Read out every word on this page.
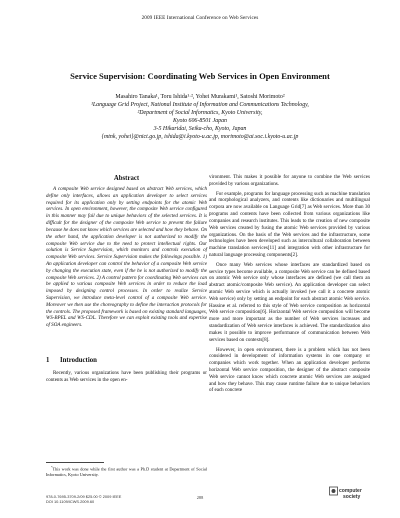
2009 IEEE International Conference on Web Services
Service Supervision: Coordinating Web Services in Open Environment
Masahiro Tanaka¹, Toru Ishida¹·², Yohei Murakami¹, Satoshi Morimoto²
¹Language Grid Project, National Institute of Information and Communications Technology,
²Department of Social Informatics, Kyoto University,
Kyoto 606-8501 Japan
3-5 Hikaridai, Seika-cho, Kyoto, Japan
{mtnk, yohei}@nict.go.jp, ishida@i.kyoto-u.ac.jp, morimoto@ai.soc.i.kyoto-u.ac.jp
Abstract

A composite Web service designed based on abstract Web services, which define only interfaces, allows an application developer to select services required for its application only by setting endpoints for the atomic Web services. In open environment, however, the composite Web service configured in this manner may fail due to unique behaviors of the selected services. It is difficult for the designer of the composite Web service to prevent the failure because he does not know which services are selected and how they behave. On the other hand, the application developer is not authorized to modify the composite Web service due to the need to protect intellectual rights. Our solution is Service Supervision, which monitors and controls execution of composite Web services. Service Supervision makes the followings possible. 1) An application developer can control the behavior of a composite Web service by changing the execution state, even if the he is not authorized to modify the composite Web services. 2) A control pattern for coordinating Web services can be applied to various composite Web services in order to reduce the load imposed by designing control processes. In order to realize Service Supervision, we introduce meta-level control of a composite Web service. Moreover we then use the choreography to define the interaction protocols for the controls. The proposed framework is based on existing standard languages, WS-BPEL and WS-CDL. Therefore we can exploit existing tools and expertise of SOA engineers.

1 Introduction

Recently, various organizations have been publishing their programs or contents as Web services in the open en-

*This work was done while the first author was a Ph.D student at Department of Social Informatics, Kyoto University.

vironment. This makes it possible for anyone to combine the Web services provided by various organizations.

For example, programs for language processing such as machine translation and morphological analyzers, and contents like dictionaries and multilingual corpora are now available on Language Grid[7] as Web services. More than 30 programs and contents have been collected from various organizations like companies and research institutes. This leads to the creation of new composite Web services created by fusing the atomic Web services provided by various organizations. On the basis of the Web services and the infrastructure, some technologies have been developed such as intercultural collaboration between machine translation services[11] and integration with other infrastructure for natural language processing components[2].

Once many Web services whose interfaces are standardized based on service types become available, a composite Web service can be defined based on atomic Web service only whose interfaces are defined (we call them an abstract atomic/composite Web service). An application developer can select atomic Web service which is actually invoked (we call it a concrete atomic Web service) only by setting an endpoint for each abstract atomic Web service. Hassine et al. referred to this style of Web service composition as horizontal Web service composition[6]. Horizontal Web service composition will become more and more important as the number of Web services increases and standardization of Web service interfaces is achieved. The standardization also makes it possible to improve performance of communication between Web services based on contexts[8].

However, in open environment, there is a problem which has not been considered in development of information systems in one company or companies which work together. When an application developer performs horizontal Web service composition, the designer of the abstract composite Web service cannot know which concrete atomic Web services are assigned and how they behave. This may cause runtime failure due to unique behaviors of each concrete

978-0-7695-3709-2/09 $25.00 © 2009 IEEE
DOI 10.1109/ICWS.2009.60
288
computer
society
